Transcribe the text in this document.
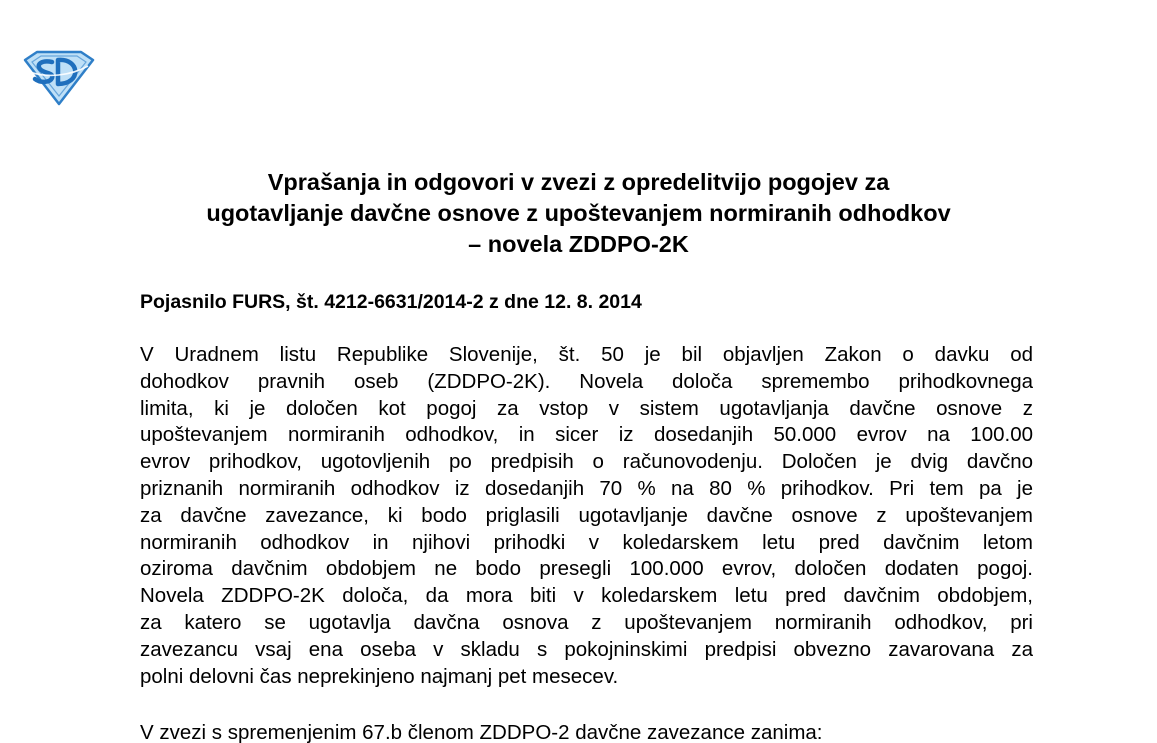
Vprašanja in odgovori v zvezi z opredelitvijo pogojev za
ugotavljanje davčne osnove z upoštevanjem normiranih odhodkov
– novela ZDDPO-2K

Pojasnilo FURS, št. 4212-6631/2014-2 z dne 12. 8. 2014

V Uradnem listu Republike Slovenije, št. 50 je bil objavljen Zakon o davku od
dohodkov pravnih oseb (ZDDPO-2K). Novela določa spremembo prihodkovnega
limita, ki je določen kot pogoj za vstop v sistem ugotavljanja davčne osnove z
upoštevanjem normiranih odhodkov, in sicer iz dosedanjih 50.000 evrov na 100.00
evrov prihodkov, ugotovljenih po predpisih o računovodenju. Določen je dvig davčno
priznanih normiranih odhodkov iz dosedanjih 70 % na 80 % prihodkov. Pri tem pa je
za davčne zavezance, ki bodo priglasili ugotavljanje davčne osnove z upoštevanjem
normiranih odhodkov in njihovi prihodki v koledarskem letu pred davčnim letom
oziroma davčnim obdobjem ne bodo presegli 100.000 evrov, določen dodaten pogoj.
Novela ZDDPO-2K določa, da mora biti v koledarskem letu pred davčnim obdobjem,
za katero se ugotavlja davčna osnova z upoštevanjem normiranih odhodkov, pri
zavezancu vsaj ena oseba v skladu s pokojninskimi predpisi obvezno zavarovana za
polni delovni čas neprekinjeno najmanj pet mesecev.

V zvezi s spremenjenim 67.b členom ZDDPO-2 davčne zavezance zanima:
